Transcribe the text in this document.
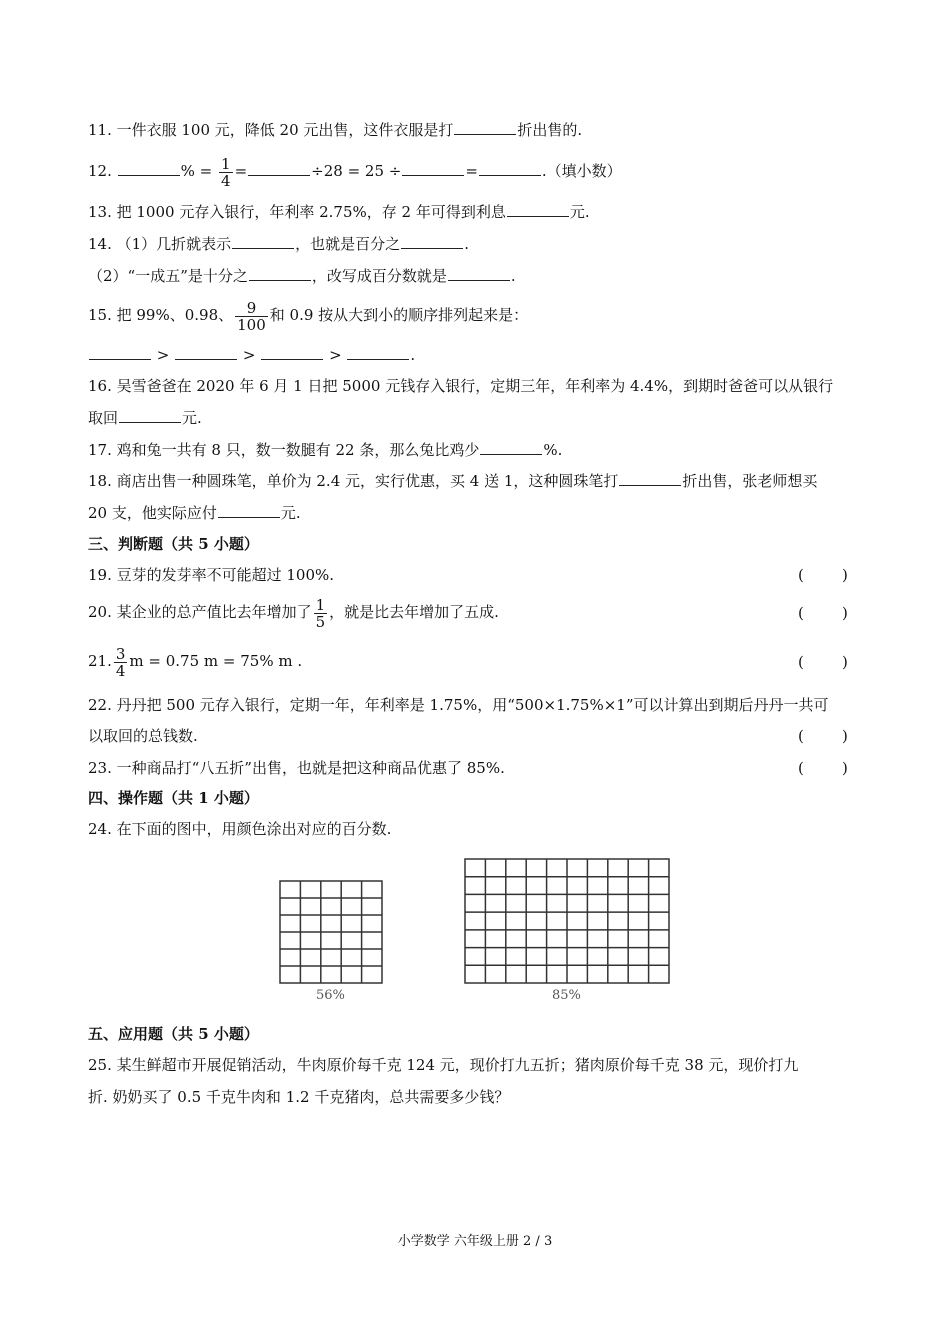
11. 一件衣服 100 元，降低 20 元出售，这件衣服是打	折出售的.
12.	% = $\frac{1}{4}$ =	÷28 = 25 ÷	=	.（填小数）
13. 把 1000 元存入银行，年利率 2.75%，存 2 年可得到利息	元.
14. （1）几折就表示	，也就是百分之	.
（2）“一成五”是十分之	，改写成百分数就是	.
15. 把 99%、0.98、 $\frac{9}{100}$ 和 0.9 按从大到小的顺序排列起来是：
>	>	>	.
16. 吴雪爸爸在 2020 年 6 月 1 日把 5000 元钱存入银行，定期三年，年利率为 4.4%，到期时爸爸可以从银行
取回	元.
17. 鸡和兔一共有 8 只，数一数腿有 22 条，那么兔比鸡少	%.
18. 商店出售一种圆珠笔，单价为 2.4 元，实行优惠，买 4 送 1，这种圆珠笔打	折出售，张老师想买
20 支，他实际应付	元.
三、判断题（共 5 小题）
19. 豆芽的发芽率不可能超过 100%.	(        )
20. 某企业的总产值比去年增加了 $\frac{1}{5}$ ，就是比去年增加了五成.	(        )
21. $\frac{3}{4}$ m = 0.75 m = 75% m .	(        )
22. 丹丹把 500 元存入银行，定期一年，年利率是 1.75%，用“500×1.75%×1”可以计算出到期后丹丹一共可
以取回的总钱数.	(        )
23. 一种商品打“八五折”出售，也就是把这种商品优惠了 85%.	(        )
四、操作题（共 1 小题）
24. 在下面的图中，用颜色涂出对应的百分数.
56%	85%
五、应用题（共 5 小题）
25. 某生鲜超市开展促销活动，牛肉原价每千克 124 元，现价打九五折；猪肉原价每千克 38 元，现价打九
折. 奶奶买了 0.5 千克牛肉和 1.2 千克猪肉，总共需要多少钱？
小学数学 六年级上册 2 / 3
